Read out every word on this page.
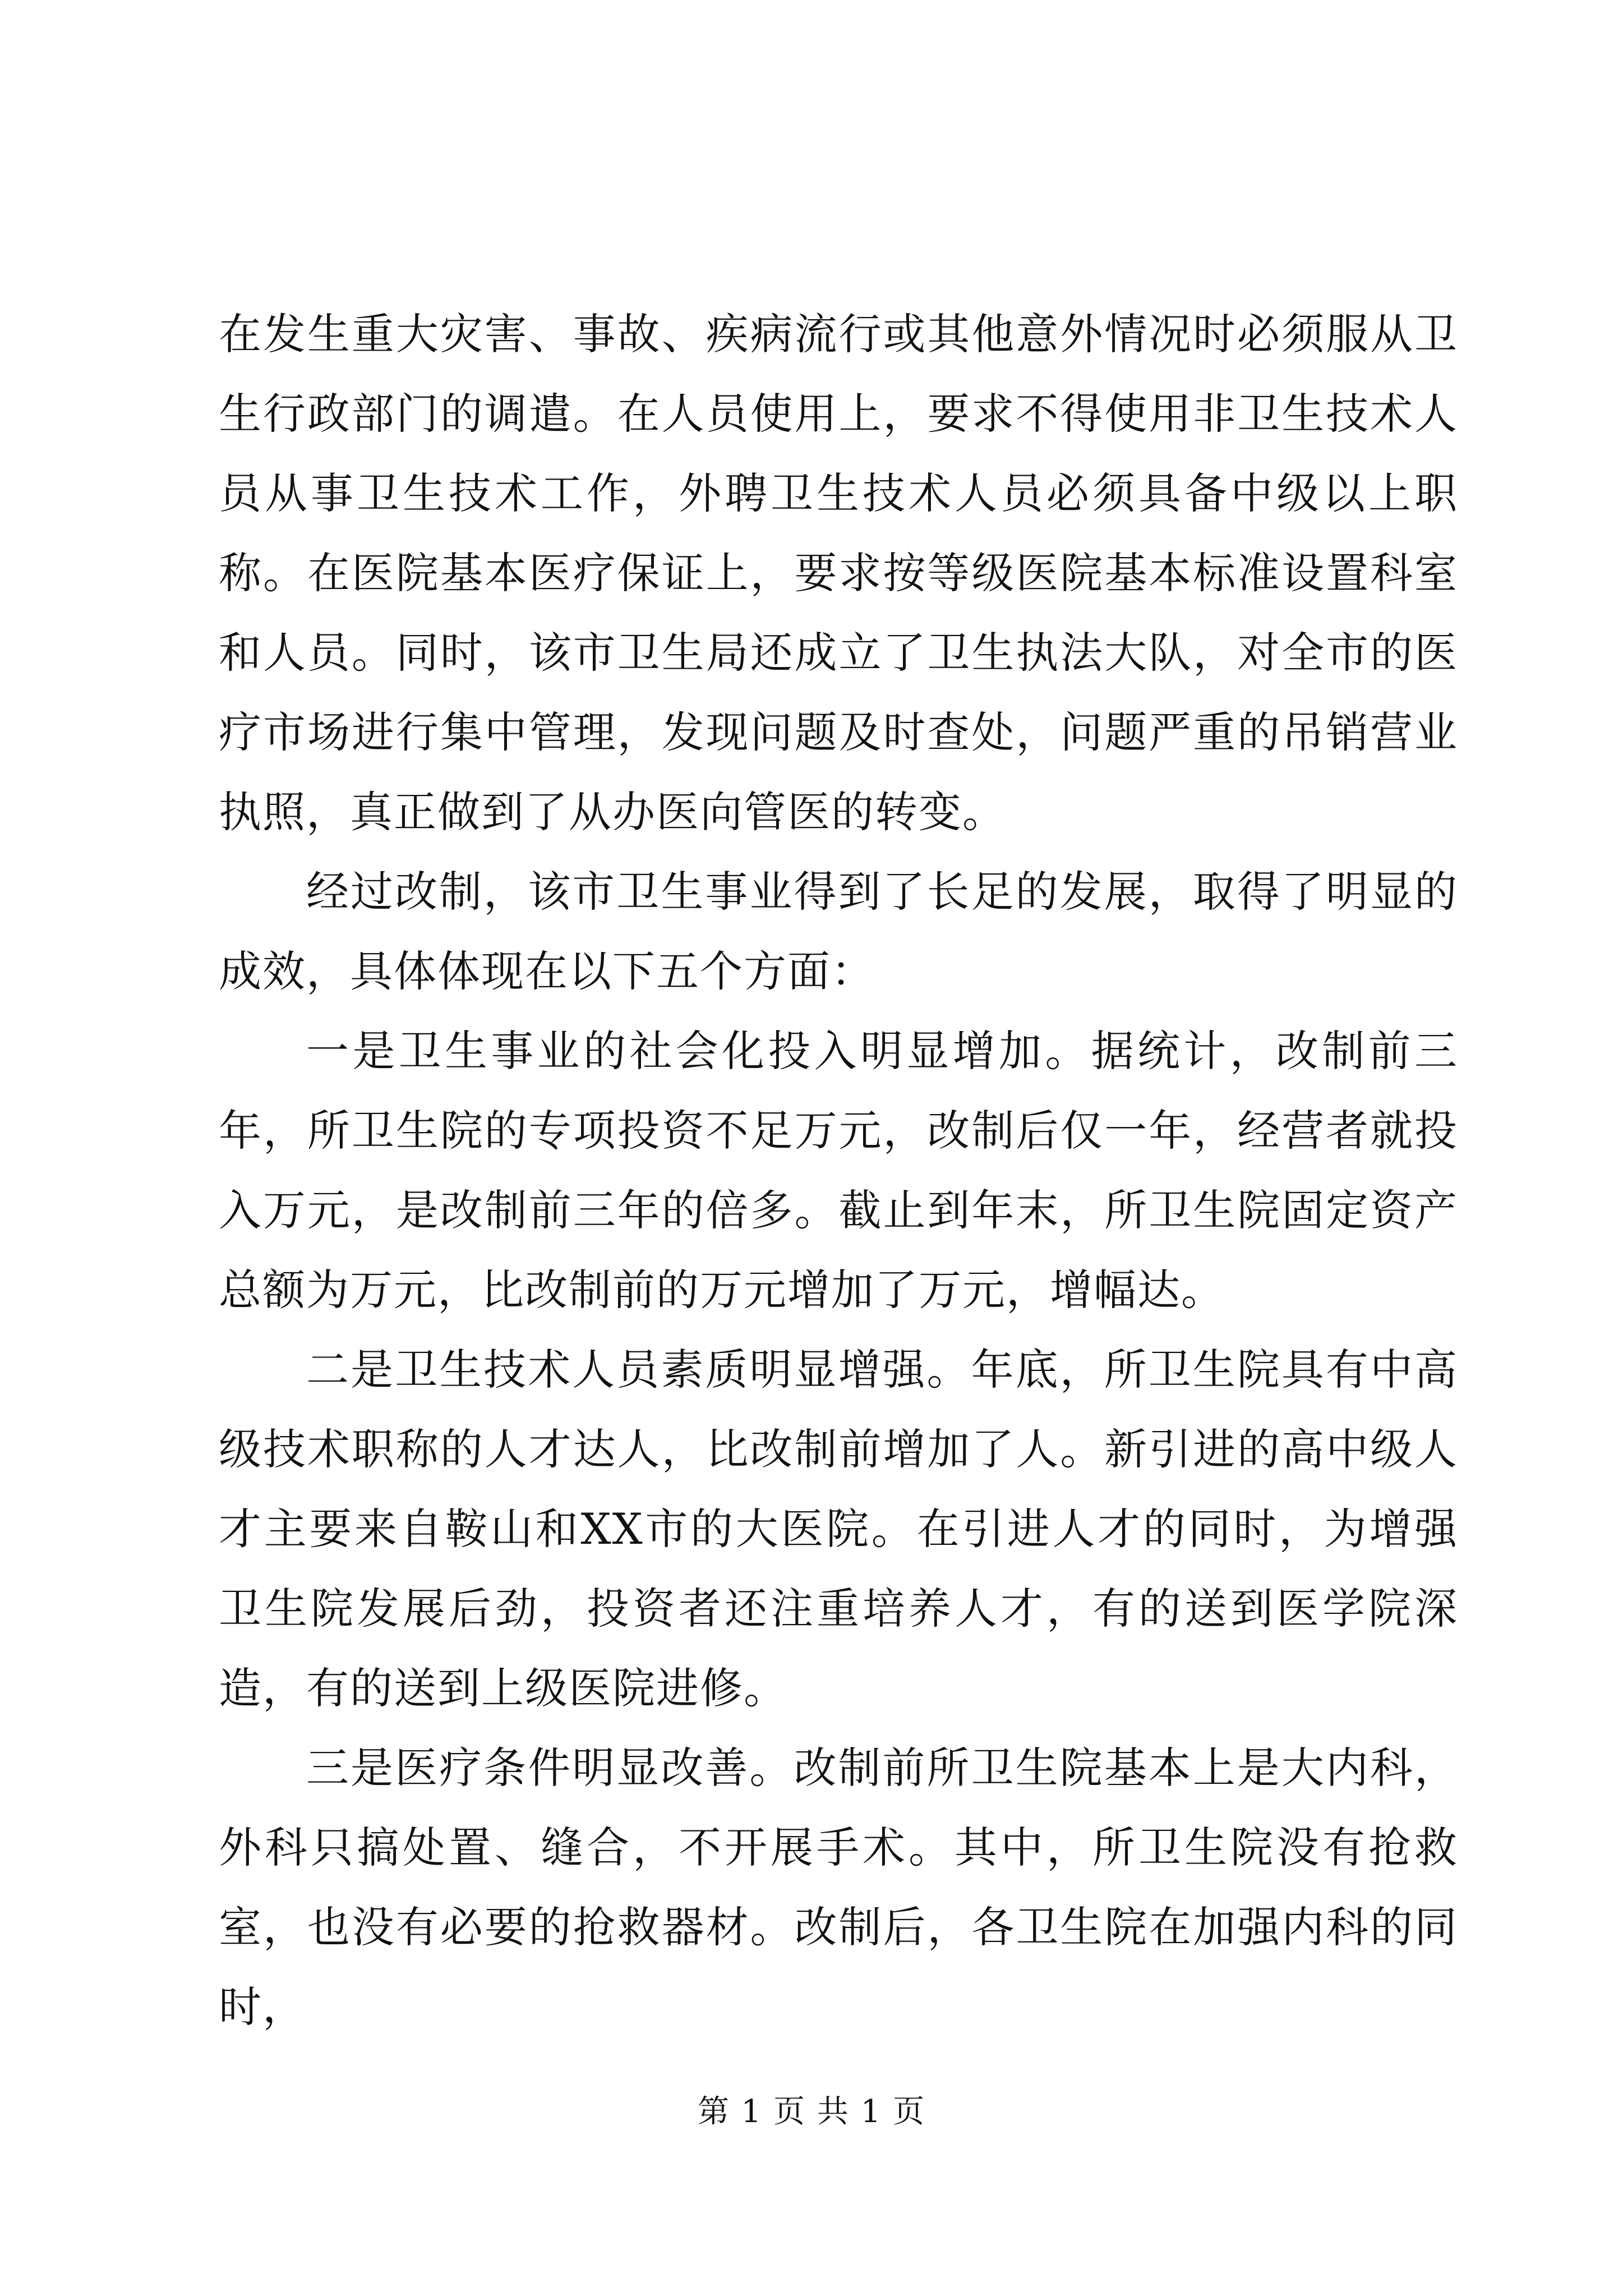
在发生重大灾害、事故、疾病流行或其他意外情况时必须服从卫生行政部门的调遣。在人员使用上，要求不得使用非卫生技术人员从事卫生技术工作，外聘卫生技术人员必须具备中级以上职称。在医院基本医疗保证上，要求按等级医院基本标准设置科室和人员。同时，该市卫生局还成立了卫生执法大队，对全市的医疗市场进行集中管理，发现问题及时查处，问题严重的吊销营业执照，真正做到了从办医向管医的转变。

经过改制，该市卫生事业得到了长足的发展，取得了明显的成效，具体体现在以下五个方面：

一是卫生事业的社会化投入明显增加。据统计，改制前三年，所卫生院的专项投资不足万元，改制后仅一年，经营者就投入万元，是改制前三年的倍多。截止到年末，所卫生院固定资产总额为万元，比改制前的万元增加了万元，增幅达。

二是卫生技术人员素质明显增强。年底，所卫生院具有中高级技术职称的人才达人，比改制前增加了人。新引进的高中级人才主要来自鞍山和XX市的大医院。在引进人才的同时，为增强卫生院发展后劲，投资者还注重培养人才，有的送到医学院深造，有的送到上级医院进修。

三是医疗条件明显改善。改制前所卫生院基本上是大内科，外科只搞处置、缝合，不开展手术。其中，所卫生院没有抢救室，也没有必要的抢救器材。改制后，各卫生院在加强内科的同时，

第 1 页 共 1 页
